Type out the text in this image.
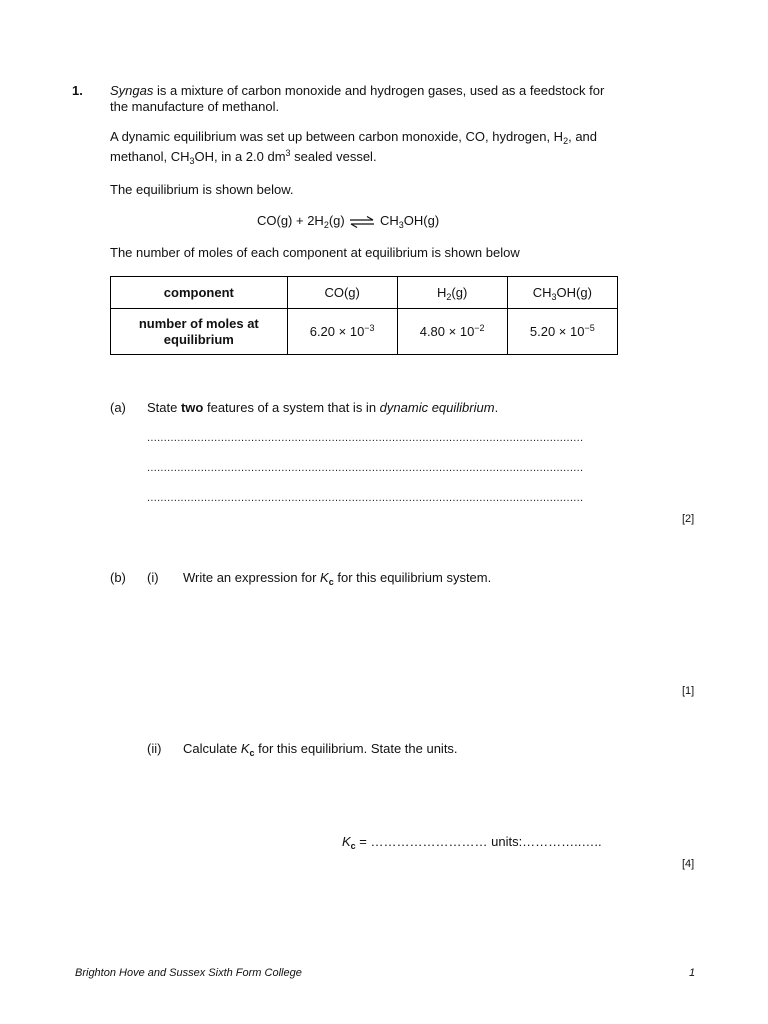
1. Syngas is a mixture of carbon monoxide and hydrogen gases, used as a feedstock for
the manufacture of methanol.
A dynamic equilibrium was set up between carbon monoxide, CO, hydrogen, $H_2$, and
methanol, $CH_3OH$, in a 2.0 $dm^3$ sealed vessel.
The equilibrium is shown below.
$CO(g) + 2H_2(g)$ ⇌ $CH_3OH(g)$
The number of moles of each component at equilibrium is shown below
component	CO(g)	$H_2(g)$	$CH_3OH(g)$
number of moles at
equilibrium	$6.20 \times 10^{-3}$	$4.80 \times 10^{-2}$	$5.20 \times 10^{-5}$
(a) State two features of a system that is in dynamic equilibrium.
..................................................................................................................................
..................................................................................................................................
..................................................................................................................................
[2]
(b) (i) Write an expression for $K_c$ for this equilibrium system.
[1]
(ii) Calculate $K_c$ for this equilibrium. State the units.
$K_c$ = ……………………… units:…………..…..
[4]
Brighton Hove and Sussex Sixth Form College	1
